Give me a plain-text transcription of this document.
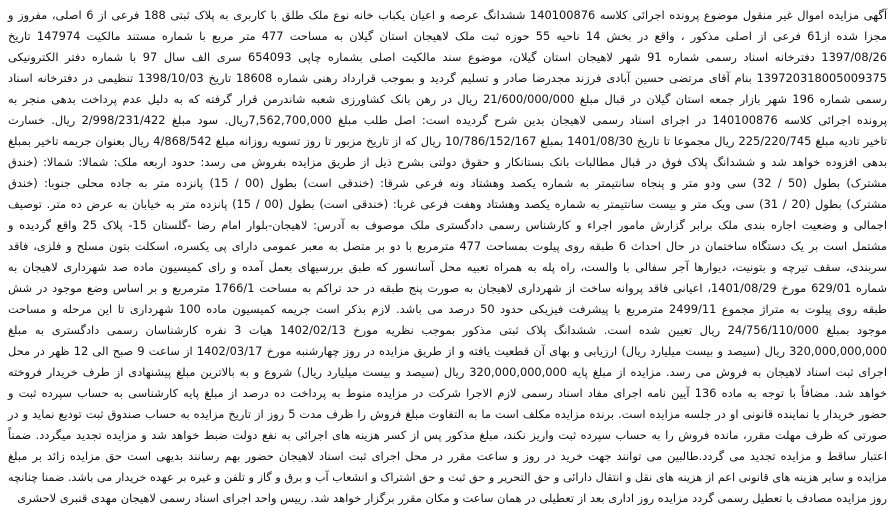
آگهی مزایده اموال غیر منقول موضوع پرونده اجرائی کلاسه 140100876 ششدانگ عرصه و اعیان یکباب خانه نوع ملک طلق با کاربری به پلاک ثبتی 188 فرعی از 6 اصلی، مفروز و
مجزا شده از61 فرعی از اصلی مذکور ، واقع در بخش 14 ناحیه 55 حوزه ثبت ملک لاهیجان استان گیلان به مساحت 477 متر مربع با شماره مستند مالکیت 147974 تاریخ
1397/08/26 دفترخانه اسناد رسمی شماره 91 شهر لاهیجان استان گیلان، موضوع سند مالکیت اصلی بشماره چاپی 654093 سری الف سال 97 با شماره دفتر الکترونیکی
139720318005009375 بنام آقای مرتضی حسین آبادی فرزند مجدرضا صادر و تسلیم گردید و بموجب قرارداد رهنی شماره 18608 تاریخ 1398/10/03 تنظیمی در دفترخانه اسناد
رسمی شماره 196 شهر بازار جمعه استان گیلان در قبال مبلغ 21/600/000/000 ریال در رهن بانک کشاورزی شعبه شاندرمن قرار گرفته که به دلیل عدم پرداخت بدهی منجر به
پرونده اجرائی کلاسه 140100876 در اجرای اسناد رسمی لاهیجان بدین شرح گردیده است: اصل طلب مبلغ 7,562,700,000ریال. سود مبلغ 2/998/231/422 ریال. خسارت
تاخیر تادیه مبلغ 225/220/745 ریال مجموعا تا تاریخ 1401/08/30 بمبلغ 10/786/152/167 ریال که از تاریخ مزبور تا روز تسویه روزانه مبلغ 4/868/542 ریال بعنوان جریمه تاخیر بمبلغ
بدهی افزوده خواهد شد و ششدانگ پلاک فوق در قبال مطالبات بانک بستانکار و حقوق دولتی بشرح ذیل از طریق مزایده بفروش می رسد: حدود اربعه ملک: شمالا: شمالا: (خندق
مشترک) بطول (50 / 32) سی ودو متر و پنجاه سانتیمتر به شماره یکصد وهشتاد ونه فرعی شرقا: (خندقی است) بطول (00 / 15) پانزده متر به جاده محلی جنوبا: (خندق
مشترک) بطول (20 / 31) سی ویک متر و بیست سانتیمتر به شماره یکصد وهشتاد وهفت فرعی غربا: (خندقی است) بطول (00 / 15) پانزده متر به خیابان به عرض ده متر. توصیف
اجمالی و وضعیت اجاره بندی ملک برابر گزارش مامور اجراء و کارشناس رسمی دادگستری ملک موصوف به آدرس: لاهیجان-بلوار امام رضا -گلستان 15- پلاک 25 واقع گردیده و
مشتمل است بر یک دستگاه ساختمان در حال احداث 6 طبقه روی پیلوت بمساحت 477 مترمربع با دو بر متصل به معبر عمومی دارای پی یکسره، اسکلت بتون مسلح و فلزی، فاقد
سربندی، سقف تیرچه و بتونیت، دیوارها آجر سفالی با والست، راه پله به همراه تعبیه محل آسانسور که طبق بررسیهای بعمل آمده و رای کمیسیون ماده صد شهرداری لاهیجان به
شماره 629/01 مورخ 1401/08/29، اعیانی فاقد پروانه ساخت از شهرداری لاهیجان به صورت پنج طبقه در حد تراکم به مساحت 1766/1 مترمربع و بر اساس وضع موجود در شش
طبقه روی پیلوت به متراژ مجموع 2499/11 مترمربع با پیشرفت فیزیکی حدود 50 درصد می باشد. لازم بذکر است جریمه کمیسیون ماده 100 شهرداری تا این مرحله و مساحت
موجود بمبلغ 24/756/110/000 ریال تعیین شده است. ششدانگ پلاک ثبتی مذکور بموجب نظریه مورخ 1402/02/13 هیات 3 نفره کارشناسان رسمی دادگستری به مبلغ
320,000,000,000 ریال (سیصد و بیست میلیارد ریال) ارزیابی و بهای آن قطعیت یافته و از طریق مزایده در روز چهارشنبه مورخ 1402/03/17 از ساعت 9 صبح الی 12 ظهر در محل
اجرای ثبت اسناد لاهیجان به فروش می رسد. مزایده از مبلغ پایه 320,000,000,000 ریال (سیصد و بیست میلیارد ریال) شروع و به بالاترین مبلغ پیشنهادی از طرف خریدار فروخته
خواهد شد. مضافاً با توجه به ماده 136 آیین نامه اجرای مفاد اسناد رسمی لازم الاجرا شرکت در مزایده منوط به پرداخت ده درصد از مبلغ پایه کارشناسی به حساب سپرده ثبت و
حضور خریدار یا نماینده قانونی او در جلسه مزایده است. برنده مزایده مکلف است ما به التفاوت مبلغ فروش را ظرف مدت 5 روز از تاریخ مزایده به حساب صندوق ثبت تودیع نماید و در
صورتی که ظرف مهلت مقرر، مانده فروش را به حساب سپرده ثبت واریز نکند، مبلغ مذکور پس از کسر هزینه های اجرائی به نفع دولت ضبط خواهد شد و مزایده تجدید میگردد. ضمناً
اعتبار ساقط و مزایده تجدید می گردد.طالبین می توانند جهت خرید در روز و ساعت مقرر در محل اجرای ثبت اسناد لاهیجان حضور بهم رسانند بدیهی است حق مزایده زائد بر مبلغ
مزایده و سایر هزینه های قانونی اعم از هزینه های نقل و انتقال دارائی و حق التحریر و حق ثبت و حق اشتراک و انشعاب آب و برق و گاز و تلفن و غیره بر عهده خریدار می باشد. ضمنا چنانچه
روز مزایده مصادف با تعطیل رسمی گردد مزایده روز اداری بعد از تعطیلی در همان ساعت و مکان مقرر برگزار خواهد شد. رییس واحد اجرای اسناد رسمی لاهیجان مهدی قنبری لاحشری
